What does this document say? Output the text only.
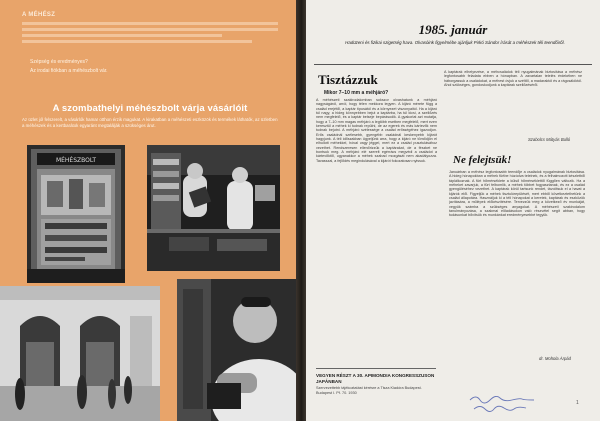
A MÉHÉSZ
Szépség és eredményes?
Az irodai fiókban a méhészbolt vár.
A szombathelyi méhészbolt várja vásárlóit
Az üzlet jól felszerelt, a vásárlók hamar otthon érzik magukat. A kirakatban a méhészeti eszközök és termékek láthatók, az üzletben a méhészek és a kertbarátok egyaránt megtalálják a szükséges árut.
MÉHÉSZBOLT
1985. január
Hadüzeni és fizikai szigetség hava. Olvasóink figyelmébe ajánljuk Pirkó Sándor írását a méhészek téli teendőiről.
Tisztázzuk
Mikor 7–10 mm a méhjáró?
A méhészeti szakirodalomban sokszor olvashatunk a méhjáró nagyságáról, arról, hogy télen mekkora legyen. A kijáró mérete függ a család erejétől, a kaptár típusától és a környezet viszonyaitól. Ha a kijáró túl nagy, a hideg könnyebben bejut a kaptárba, ha túl kicsi, a szellőzés nem megfelelő, és a kaptár belseje bepárásodik. A gyakorlat azt mutatja, hogy a 7–10 mm magas méhjáró a legtöbb esetben megfelelő, mert ezen keresztül a méhek ki tudnak repülni, de az egerek és más kártevők nem tudnak bejutni. A méhjáró szélessége a család erősségéhez igazodjon. Erős családnál szélesebb, gyengébb családnál keskenyebb kijárót hagyjunk. A téli időszakban ügyeljünk arra, hogy a kijáró ne tömődjön el elhullott méhekkel, hóval vagy jéggel, mert ez a család pusztulásához vezethet. Rendszeresen ellenőrizzük a kaptárakat, de a fészket ne bontsuk meg. A méhjáró elé szerelt egérrács megvédi a családot a kártevőktől, ugyanakkor a méhek szabad mozgását nem akadályozza. Tavasszal, a fejlődés megindulásával a kijárót fokozatosan nyissuk.
A kaptárak elhelyezése, a méhcsaládok téli nyugalmának biztosítása a méhész legfontosabb feladata ebben a hónapban. A zavartalan telelés érdekében ne háborgassuk a családokat, a méhest óvjuk a széltől, a madaraktól és a rágcsálóktól. Ahol szükséges, gondoskodjunk a kaptárak szellőzéséről.
Szabolcs Mátyás Bulló
Ne felejtsük!
Januárban a méhész legfontosabb teendője a családok nyugalmának biztosítása. A hideg hónapokban a méhek fürtbe húzódva telelnek, és a felhalmozott készletből táplálkoznak. A fürt hőmérséklete a külső hőmérséklettől függően változik. Ha a méheket zavarjuk, a fürt felbomlik, a méhek többet fogyasztanak, és ez a család gyengüléséhez vezethet. A kaptárak körül tartsunk rendet, távolítsuk el a havat a kijárók elől. Figyeljük a méhek tisztulórepülését, mert ebből következtethetünk a család állapotára. Használjuk ki a téli hónapokat a keretek, kaptárak és eszközök javítására, a műlépek előkészítésére. Tervezzük meg a következő év munkáját, vegyük számba a szükséges anyagokat. A méhészeti szakirodalom tanulmányozása, a szakmai előadásokon való részvétel segít abban, hogy tudásunkat bővítsük és munkánkat eredményesebbé tegyük.
dr. Mohola Árpád
VEGYEN RÉSZT A 30. APIMONDIA KONGRESSZUSON JAPÁNBAN
Szervezettebb tájékoztatást kérésre a Tisza Kiadóra Budapest. Budapest I. Pf. 70. 1930
1
